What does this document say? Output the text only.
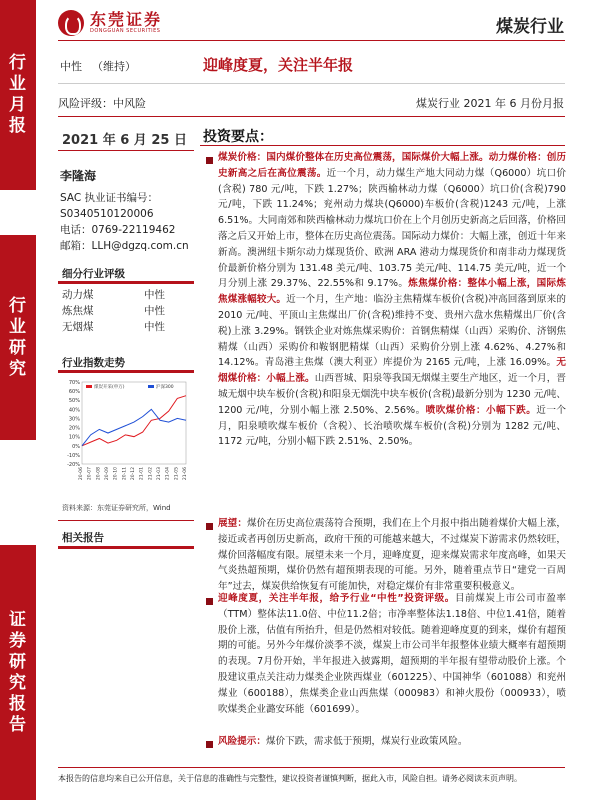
行业月报
行业研究
证券研究报告
东莞证券
DONGGUAN SECURITIES	煤炭行业
中性 （维持）	迎峰度夏，关注半年报
风险评级：中风险	煤炭行业 2021 年 6 月份月报
2021 年 6 月 25 日 投资要点：
李隆海
SAC 执业证书编号：
S0340510120006
电话：0769-22119462
邮箱：LLH@dgzq.com.cn
细分行业评级
动力煤	中性
炼焦煤	中性
无烟煤	中性
行业指数走势
70%
60%
50%
40%
30%
20%
10%
0%
-10%
-20%
20-06 20-07 20-08 20-09 20-10 20-11 20-12 21-01 21-02 21-03 21-04 21-05 21-06
煤炭开采(申万)	沪深300
资料来源：东莞证券研究所，Wind
相关报告
煤炭价格：国内煤价整体在历史高位震荡，国际煤价大幅上涨。动力煤价格：创历史新高之后在高位震荡。近一个月，动力煤生产地大同动力煤（Q6000）坑口价(含税) 780 元/吨，下跌 1.27%；陕西榆林动力煤（Q6000）坑口价(含税)790 元/吨，下跌 11.24%；兖州动力煤块(Q6000)车板价(含税)1243 元/吨，上涨 6.51%。大同南郊和陕西榆林动力煤坑口价在上个月创历史新高之后回落，价格回落之后又开始上市，整体在历史高位震荡。国际动力煤价：大幅上涨，创近十年来新高。澳洲纽卡斯尔动力煤现货价、欧洲 ARA 港动力煤现货价和南非动力煤现货价最新价格分别为 131.48 美元/吨、103.75 美元/吨、114.75 美元/吨，近一个月分别上涨 29.37%、22.55%和 9.17%。炼焦煤价格：整体小幅上涨，国际炼焦煤涨幅较大。近一个月，生产地：临汾主焦精煤车板价(含税)冲高回落到原来的 2010 元/吨、平顶山主焦煤出厂价(含税)维持不变、贵州六盘水焦精煤出厂价(含税)上涨 3.29%。钢铁企业对炼焦煤采购价：首钢焦精煤（山西）采购价、济钢焦精煤（山西）采购价和鞍钢肥精煤（山西）采购价分别上涨 4.62%、4.27%和 14.12%。青岛港主焦煤（澳大利亚）库提价为 2165 元/吨，上涨 16.09%。无烟煤价格：小幅上涨。山西晋城、阳泉等我国无烟煤主要生产地区，近一个月，晋城无烟中块车板价(含税)和阳泉无烟洗中块车板价(含税)最新分别为 1230 元/吨、1200 元/吨，分别小幅上涨 2.50%、2.56%。喷吹煤价格：小幅下跌。近一个月，阳泉喷吹煤车板价（含税）、长治喷吹煤车板价(含税)分别为 1282 元/吨、1172 元/吨，分别小幅下跌 2.51%、2.50%。
展望：煤价在历史高位震荡符合预期，我们在上个月报中指出随着煤价大幅上涨，接近或者再创历史新高，政府干预的可能越来越大，不过煤炭下游需求仍然较旺，煤价回落幅度有限。展望未来一个月，迎峰度夏，迎来煤炭需求年度高峰，如果天气炎热超预期，煤价仍然有超预期表现的可能。另外，随着重点节日“建党一百周年”过去，煤炭供给恢复有可能加快，对稳定煤价有非常重要积极意义。
迎峰度夏，关注半年报，给予行业“中性”投资评级。目前煤炭上市公司市盈率（TTM）整体法11.0倍、中位11.2倍；市净率整体法1.18倍、中位1.41倍，随着股价上涨，估值有所抬升，但是仍然相对较低。随着迎峰度夏的到来，煤价有超预期的可能。另外今年煤价淡季不淡，煤炭上市公司半年报整体业绩大概率有超预期的表现。7月份开始，半年报进入披露期，超预期的半年报有望带动股价上涨。个股建议重点关注动力煤类企业陕西煤业（601225）、中国神华（601088）和兖州煤业（600188），焦煤类企业山西焦煤（000983）和神火股份（000933），喷吹煤类企业潞安环能（601699）。
风险提示：煤价下跌，需求低于预期，煤炭行业政策风险。
本报告的信息均来自已公开信息，关于信息的准确性与完整性，建议投资者谨慎判断，据此入市，风险自担。请务必阅读末页声明。
